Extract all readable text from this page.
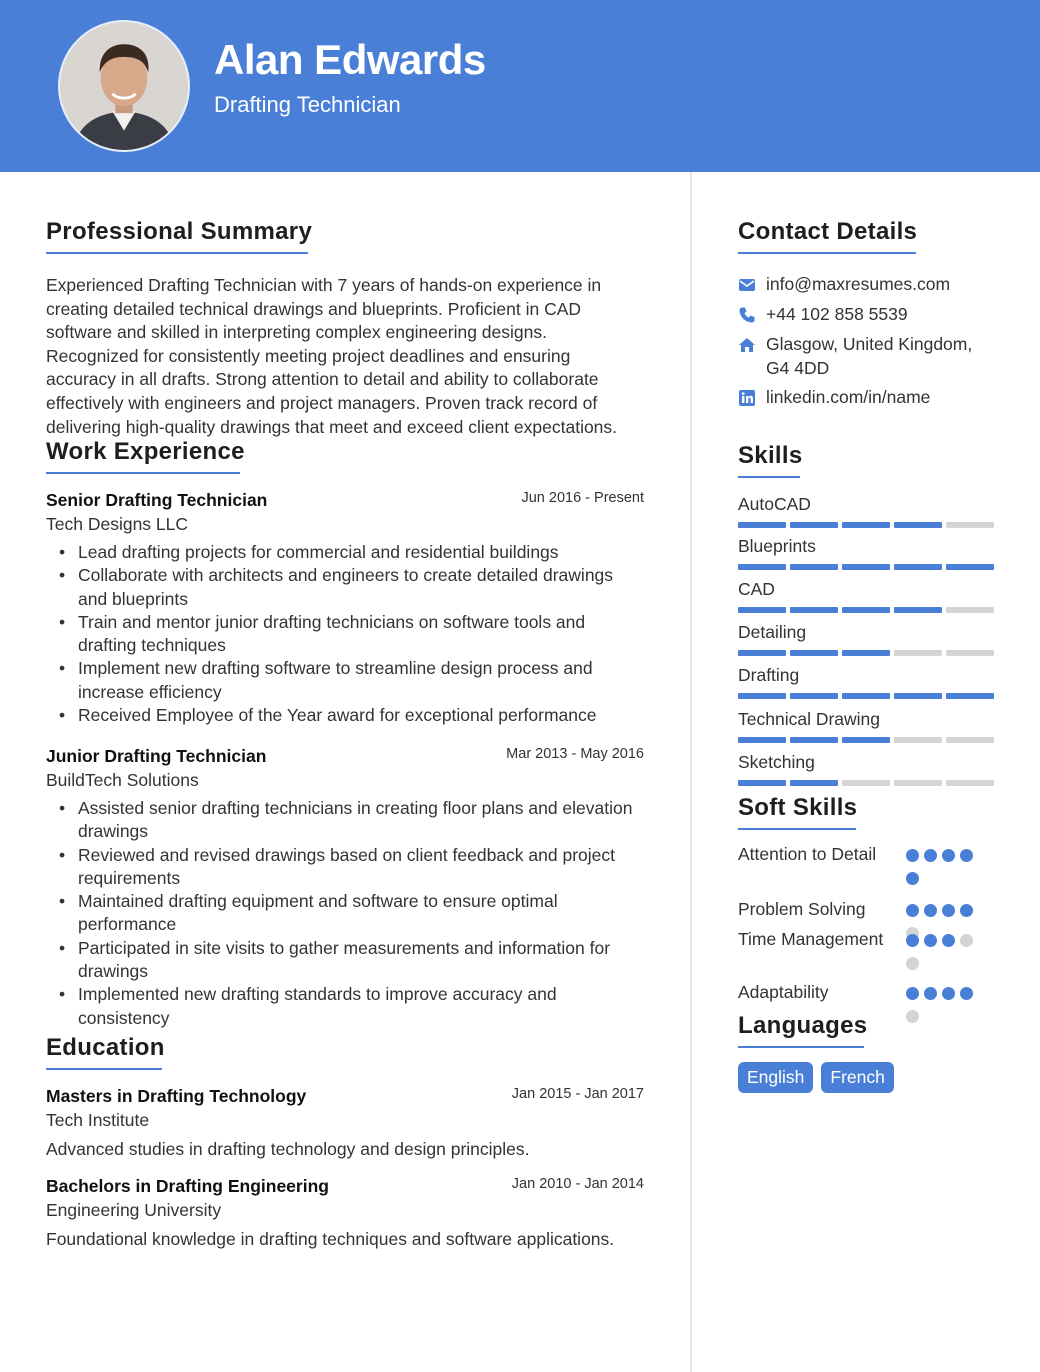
Alan Edwards
Drafting Technician
Professional Summary
Experienced Drafting Technician with 7 years of hands-on experience in creating detailed technical drawings and blueprints. Proficient in CAD software and skilled in interpreting complex engineering designs. Recognized for consistently meeting project deadlines and ensuring accuracy in all drafts. Strong attention to detail and ability to collaborate effectively with engineers and project managers. Proven track record of delivering high-quality drawings that meet and exceed client expectations.
Work Experience
Senior Drafting Technician	Jun 2016 - Present
Tech Designs LLC
• Lead drafting projects for commercial and residential buildings
• Collaborate with architects and engineers to create detailed drawings and blueprints
• Train and mentor junior drafting technicians on software tools and drafting techniques
• Implement new drafting software to streamline design process and increase efficiency
• Received Employee of the Year award for exceptional performance
Junior Drafting Technician	Mar 2013 - May 2016
BuildTech Solutions
• Assisted senior drafting technicians in creating floor plans and elevation drawings
• Reviewed and revised drawings based on client feedback and project requirements
• Maintained drafting equipment and software to ensure optimal performance
• Participated in site visits to gather measurements and information for drawings
• Implemented new drafting standards to improve accuracy and consistency
Education
Masters in Drafting Technology	Jan 2015 - Jan 2017
Tech Institute
Advanced studies in drafting technology and design principles.
Bachelors in Drafting Engineering	Jan 2010 - Jan 2014
Engineering University
Foundational knowledge in drafting techniques and software applications.
Contact Details
info@maxresumes.com
+44 102 858 5539
Glasgow, United Kingdom, G4 4DD
linkedin.com/in/name
Skills
AutoCAD
Blueprints
CAD
Detailing
Drafting
Technical Drawing
Sketching
Soft Skills
Attention to Detail
Problem Solving
Time Management
Adaptability
Languages
English	French
